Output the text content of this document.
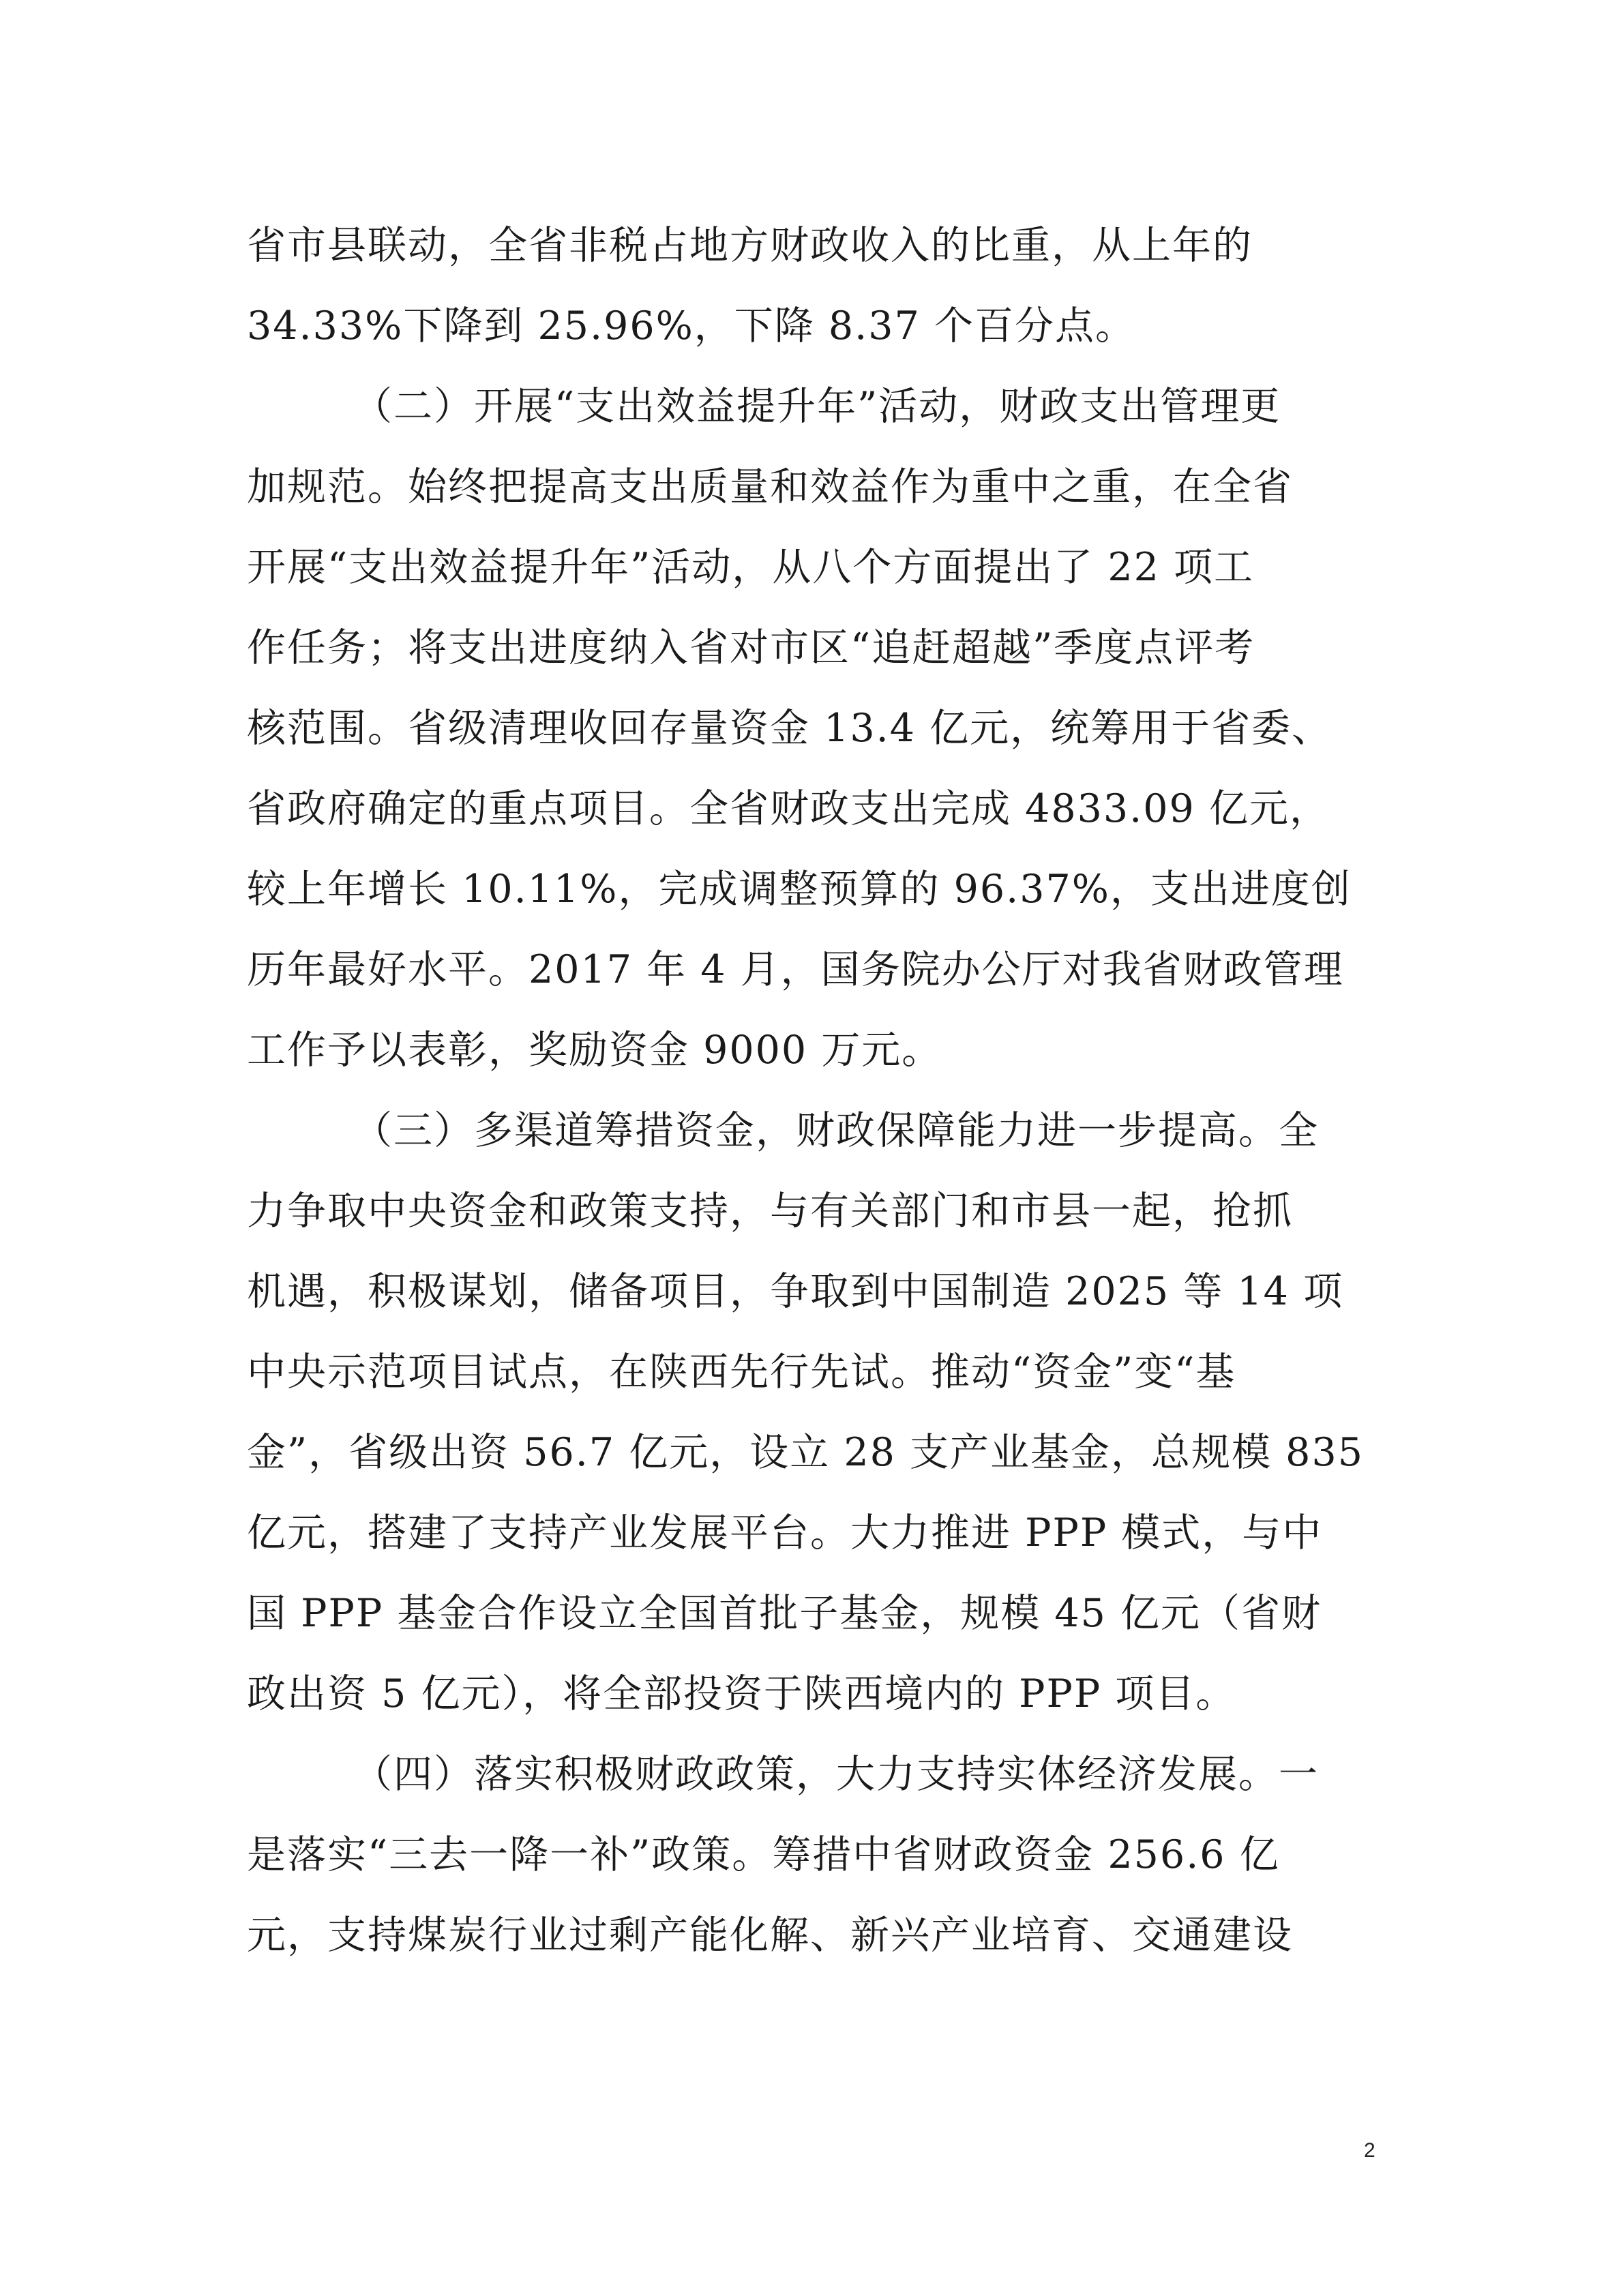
省市县联动，全省非税占地方财政收入的比重，从上年的

34.33%下降到 25.96%，下降 8.37 个百分点。

（二）开展“支出效益提升年”活动，财政支出管理更

加规范。始终把提高支出质量和效益作为重中之重，在全省

开展“支出效益提升年”活动，从八个方面提出了 22 项工

作任务；将支出进度纳入省对市区“追赶超越”季度点评考

核范围。省级清理收回存量资金 13.4 亿元，统筹用于省委、

省政府确定的重点项目。全省财政支出完成 4833.09 亿元，

较上年增长 10.11%，完成调整预算的 96.37%，支出进度创

历年最好水平。2017 年 4 月，国务院办公厅对我省财政管理

工作予以表彰，奖励资金 9000 万元。

（三）多渠道筹措资金，财政保障能力进一步提高。全

力争取中央资金和政策支持，与有关部门和市县一起，抢抓

机遇，积极谋划，储备项目，争取到中国制造 2025 等 14 项

中央示范项目试点，在陕西先行先试。推动“资金”变“基

金”，省级出资 56.7 亿元，设立 28 支产业基金，总规模 835

亿元，搭建了支持产业发展平台。大力推进 PPP 模式，与中

国 PPP 基金合作设立全国首批子基金，规模 45 亿元（省财

政出资 5 亿元），将全部投资于陕西境内的 PPP 项目。

（四）落实积极财政政策，大力支持实体经济发展。一

是落实“三去一降一补”政策。筹措中省财政资金 256.6 亿

元，支持煤炭行业过剩产能化解、新兴产业培育、交通建设

2
